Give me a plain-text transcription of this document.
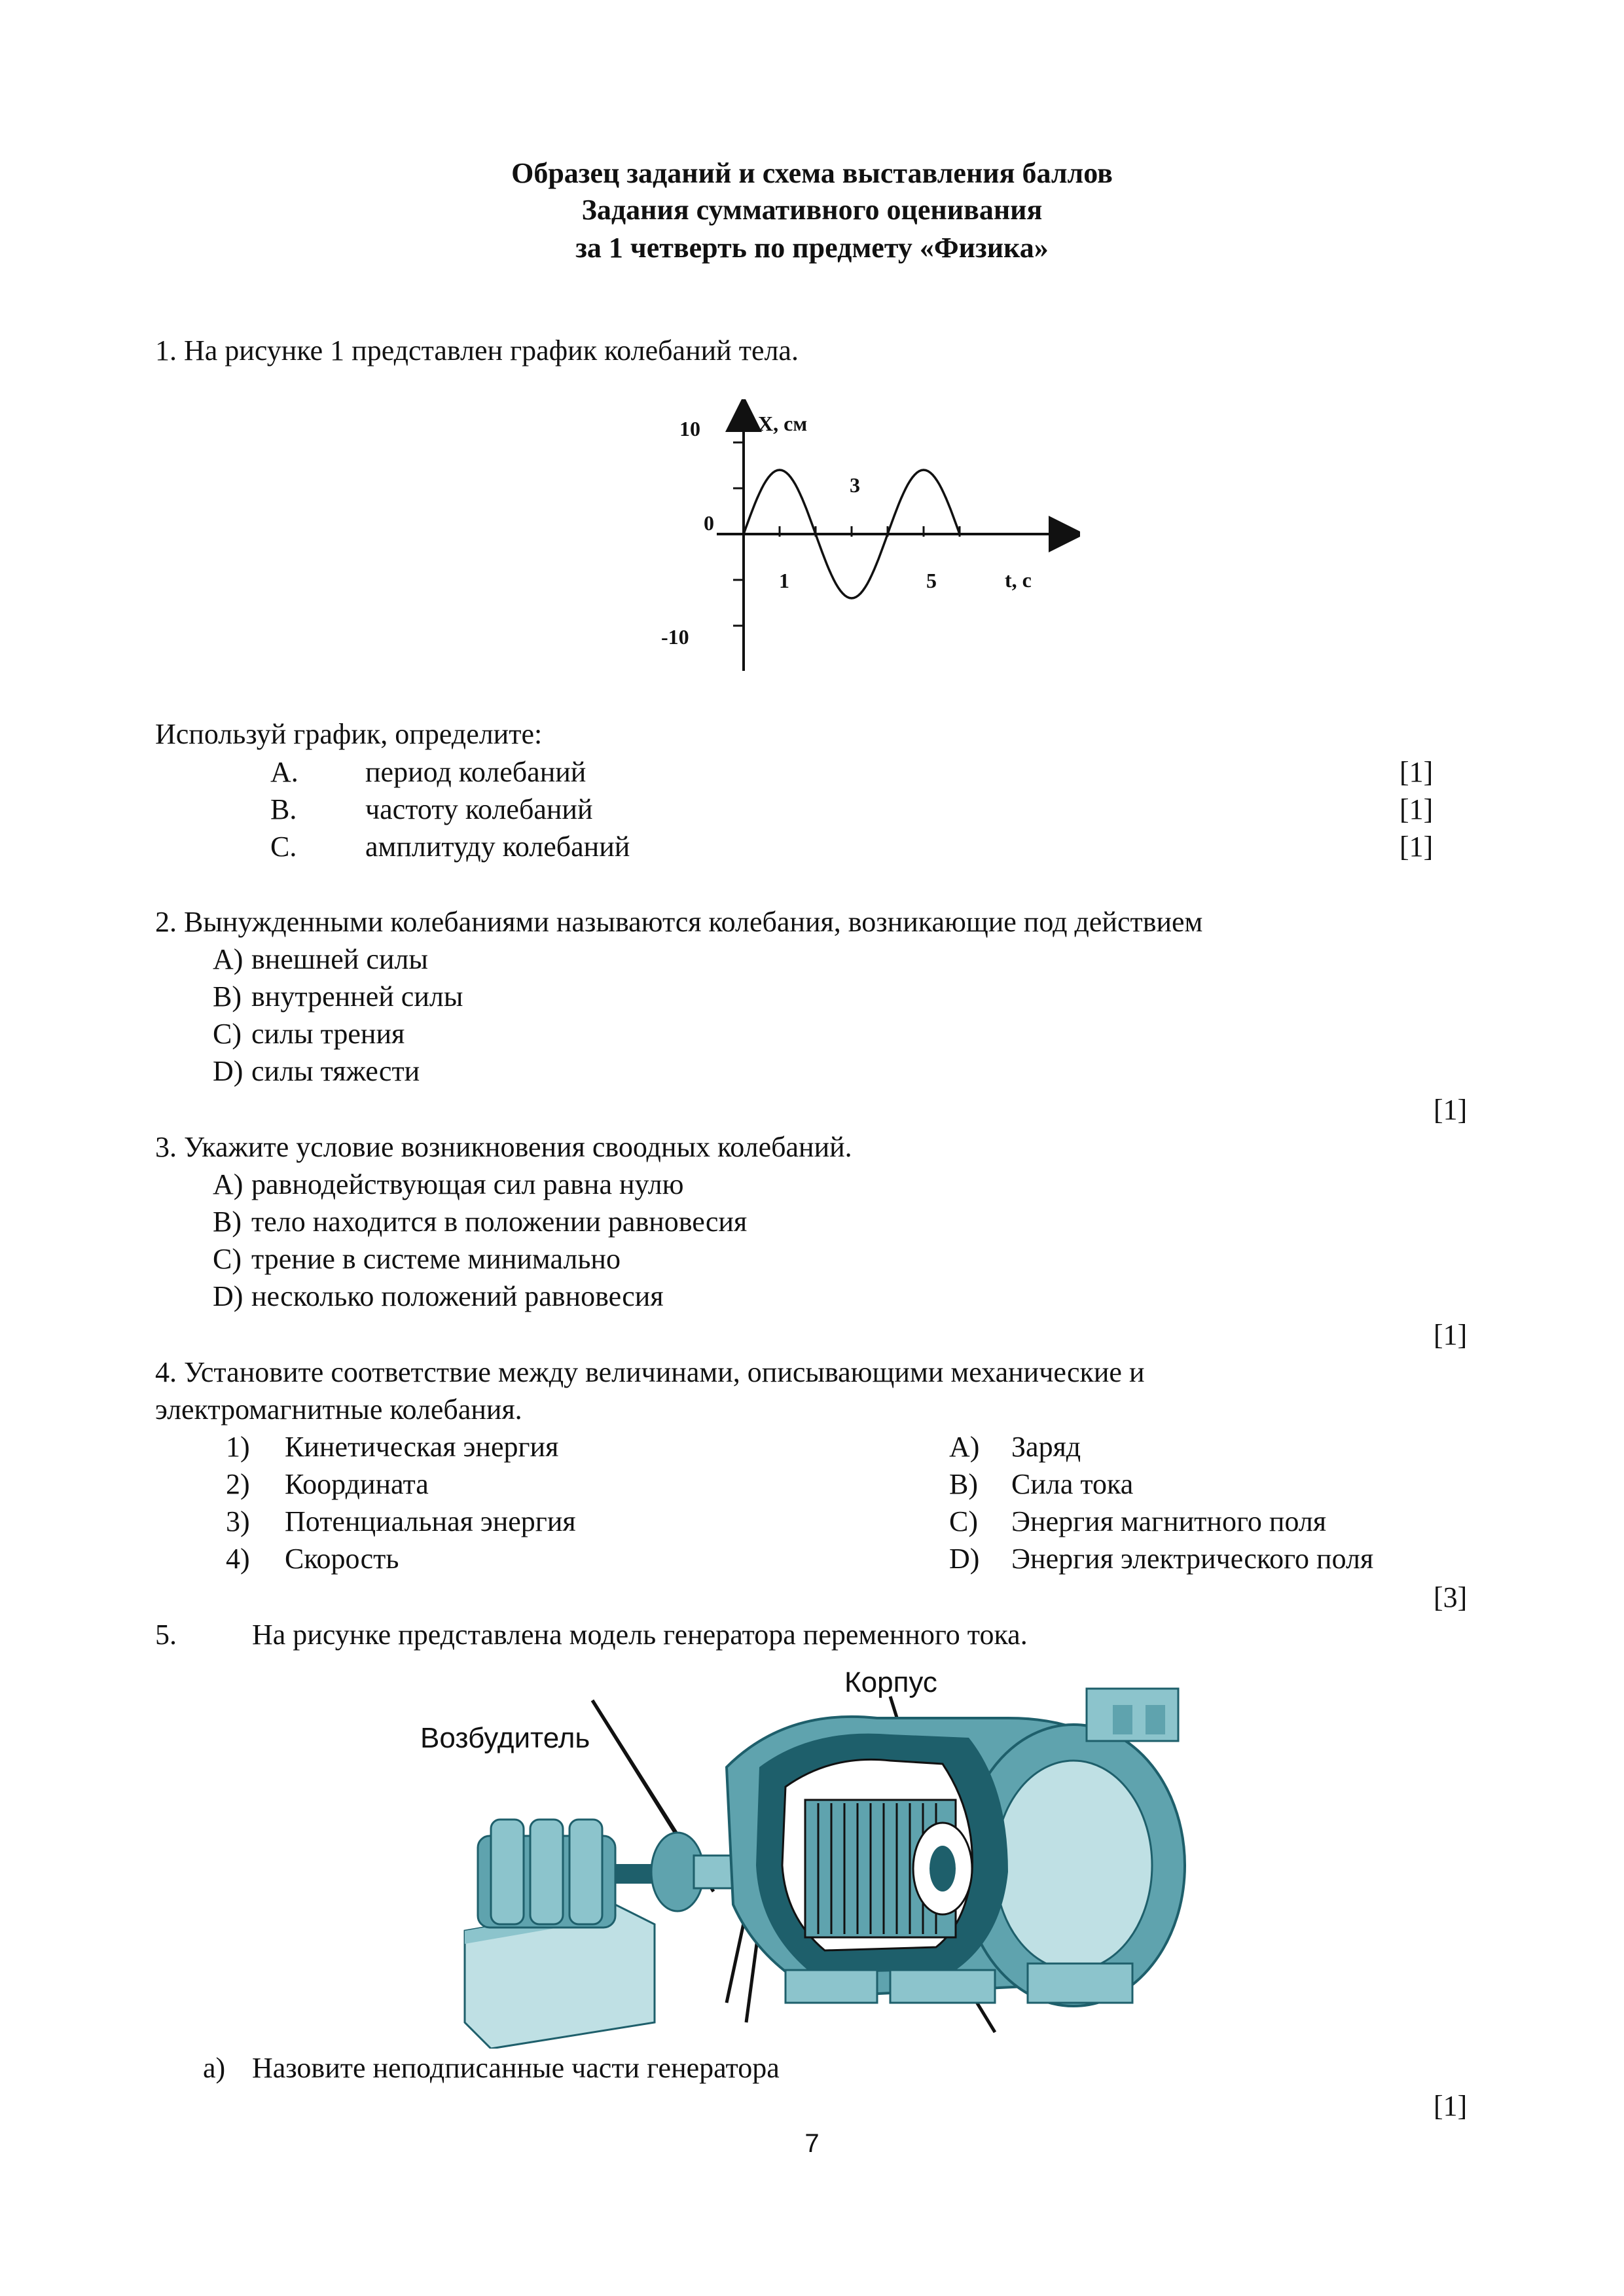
Образец заданий и схема выставления баллов
Задания суммативного оценивания
за 1 четверть по предмету «Физика»
1. На рисунке 1 представлен график колебаний тела.
X, см
t, с
10
0
-10
1
3
5
Используй график, определите:
A. период колебаний	[1]
B. частоту колебаний	[1]
C. амплитуду колебаний	[1]
2. Вынужденными колебаниями называются колебания, возникающие под действием
A) внешней силы
B) внутренней силы
C) силы трения
D) силы тяжести
[1]
3. Укажите условие возникновения своодных колебаний.
A) равнодействующая сил равна нулю
B) тело находится в положении равновесия
C) трение в системе минимально
D) несколько положений равновесия
[1]
4. Установите соответствие между величинами, описывающими механические и
электромагнитные колебания.
1) Кинетическая энергия	A) Заряд
2) Координата	B) Сила тока
3) Потенциальная энергия	C) Энергия магнитного поля
4) Скорость	D) Энергия электрического поля
[3]
5.	На рисунке представлена модель генератора переменного тока.
Корпус
Возбудитель
а) Назовите неподписанные части генератора
[1]
7
